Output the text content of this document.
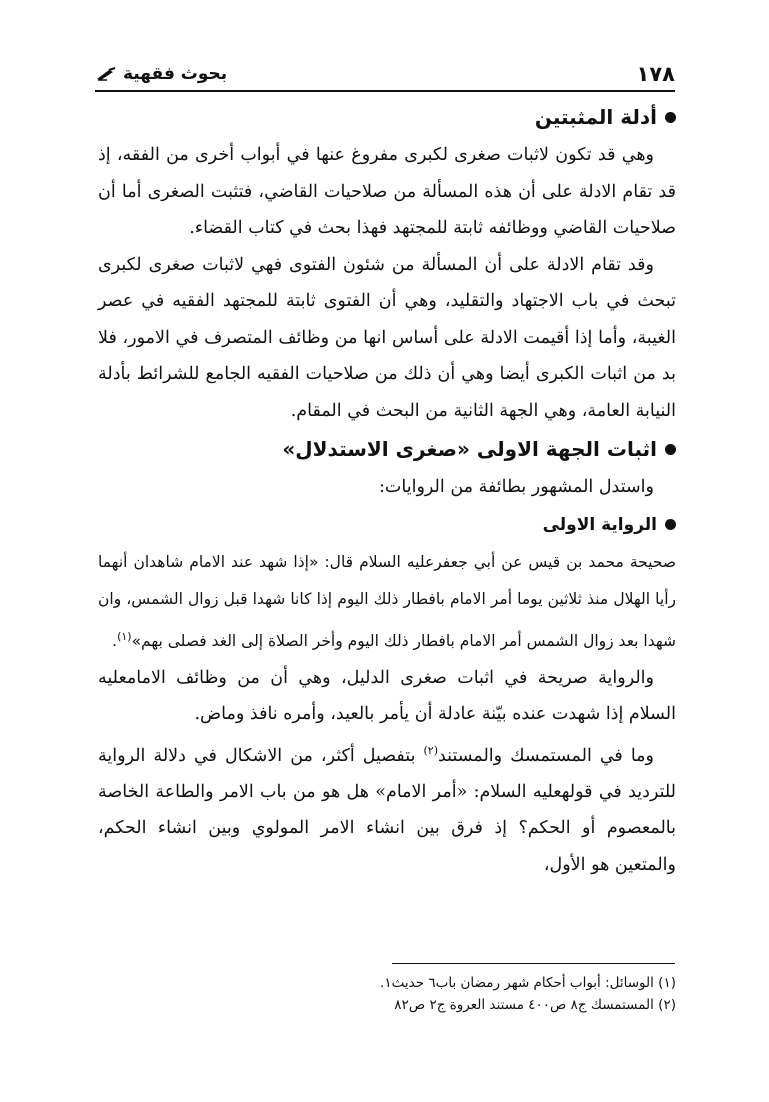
١٧٨
بحوث فقهية
أدلة المثبتين

وهي قد تكون لاثبات صغرى لكبرى مفروغ عنها في أبواب أخرى من الفقه، إذ قد تقام الادلة على أن هذه المسألة من صلاحيات القاضي، فتثبت الصغرى أما أن صلاحيات القاضي ووظائفه ثابتة للمجتهد فهذا بحث في كتاب القضاء.

وقد تقام الادلة على أن المسألة من شئون الفتوى فهي لاثبات صغرى لكبرى تبحث في باب الاجتهاد والتقليد، وهي أن الفتوى ثابتة للمجتهد الفقيه في عصر الغيبة، وأما إذا أقيمت الادلة على أساس انها من وظائف المتصرف في الامور، فلا بد من اثبات الكبرى أيضا وهي أن ذلك من صلاحيات الفقيه الجامع للشرائط بأدلة النيابة العامة، وهي الجهة الثانية من البحث في المقام.

اثبات الجهة الاولى «صغرى الاستدلال»

واستدل المشهور بطائفة من الروايات:

الرواية الاولى

صحيحة محمد بن قيس عن أبي جعفرعليه السلام قال: «إذا شهد عند الامام شاهدان أنهما رأيا الهلال منذ ثلاثين يوما أمر الامام بافطار ذلك اليوم إذا كانا شهدا قبل زوال الشمس، وان شهدا بعد زوال الشمس أمر الامام بافطار ذلك اليوم وأخر الصلاة إلى الغد فصلى بهم»$^{(١)}$.

والرواية صريحة في اثبات صغرى الدليل، وهي أن من وظائف الامامعليه السلام إذا شهدت عنده بيّنة عادلة أن يأمر بالعيد، وأمره نافذ وماض.

وما في المستمسك والمستند$^{(٢)}$ بتفصيل أكثر، من الاشكال في دلالة الرواية للترديد في قولهعليه السلام: «أمر الامام» هل هو من باب الامر والطاعة الخاصة بالمعصوم أو الحكم؟ إذ فرق بين انشاء الامر المولوي وبين انشاء الحكم، والمتعين هو الأول،

(١) الوسائل: أبواب أحكام شهر رمضان باب٦ حديث١.
(٢) المستمسك ج٨ ص٤٠٠ مستند العروة ج٢ ص٨٢
